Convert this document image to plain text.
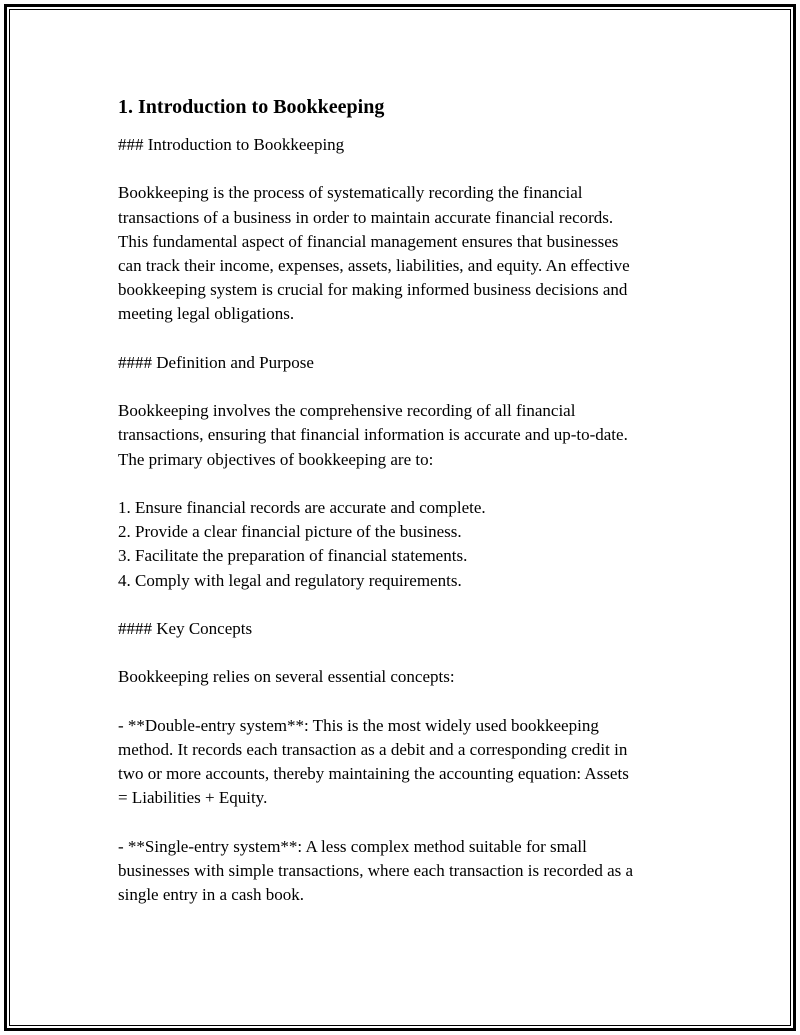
1. Introduction to Bookkeeping
### Introduction to Bookkeeping
Bookkeeping is the process of systematically recording the financial
transactions of a business in order to maintain accurate financial records.
This fundamental aspect of financial management ensures that businesses
can track their income, expenses, assets, liabilities, and equity. An effective
bookkeeping system is crucial for making informed business decisions and
meeting legal obligations.
#### Definition and Purpose
Bookkeeping involves the comprehensive recording of all financial
transactions, ensuring that financial information is accurate and up-to-date.
The primary objectives of bookkeeping are to:
1. Ensure financial records are accurate and complete.
2. Provide a clear financial picture of the business.
3. Facilitate the preparation of financial statements.
4. Comply with legal and regulatory requirements.
#### Key Concepts
Bookkeeping relies on several essential concepts:
- **Double-entry system**: This is the most widely used bookkeeping
method. It records each transaction as a debit and a corresponding credit in
two or more accounts, thereby maintaining the accounting equation: Assets
= Liabilities + Equity.
- **Single-entry system**: A less complex method suitable for small
businesses with simple transactions, where each transaction is recorded as a
single entry in a cash book.
